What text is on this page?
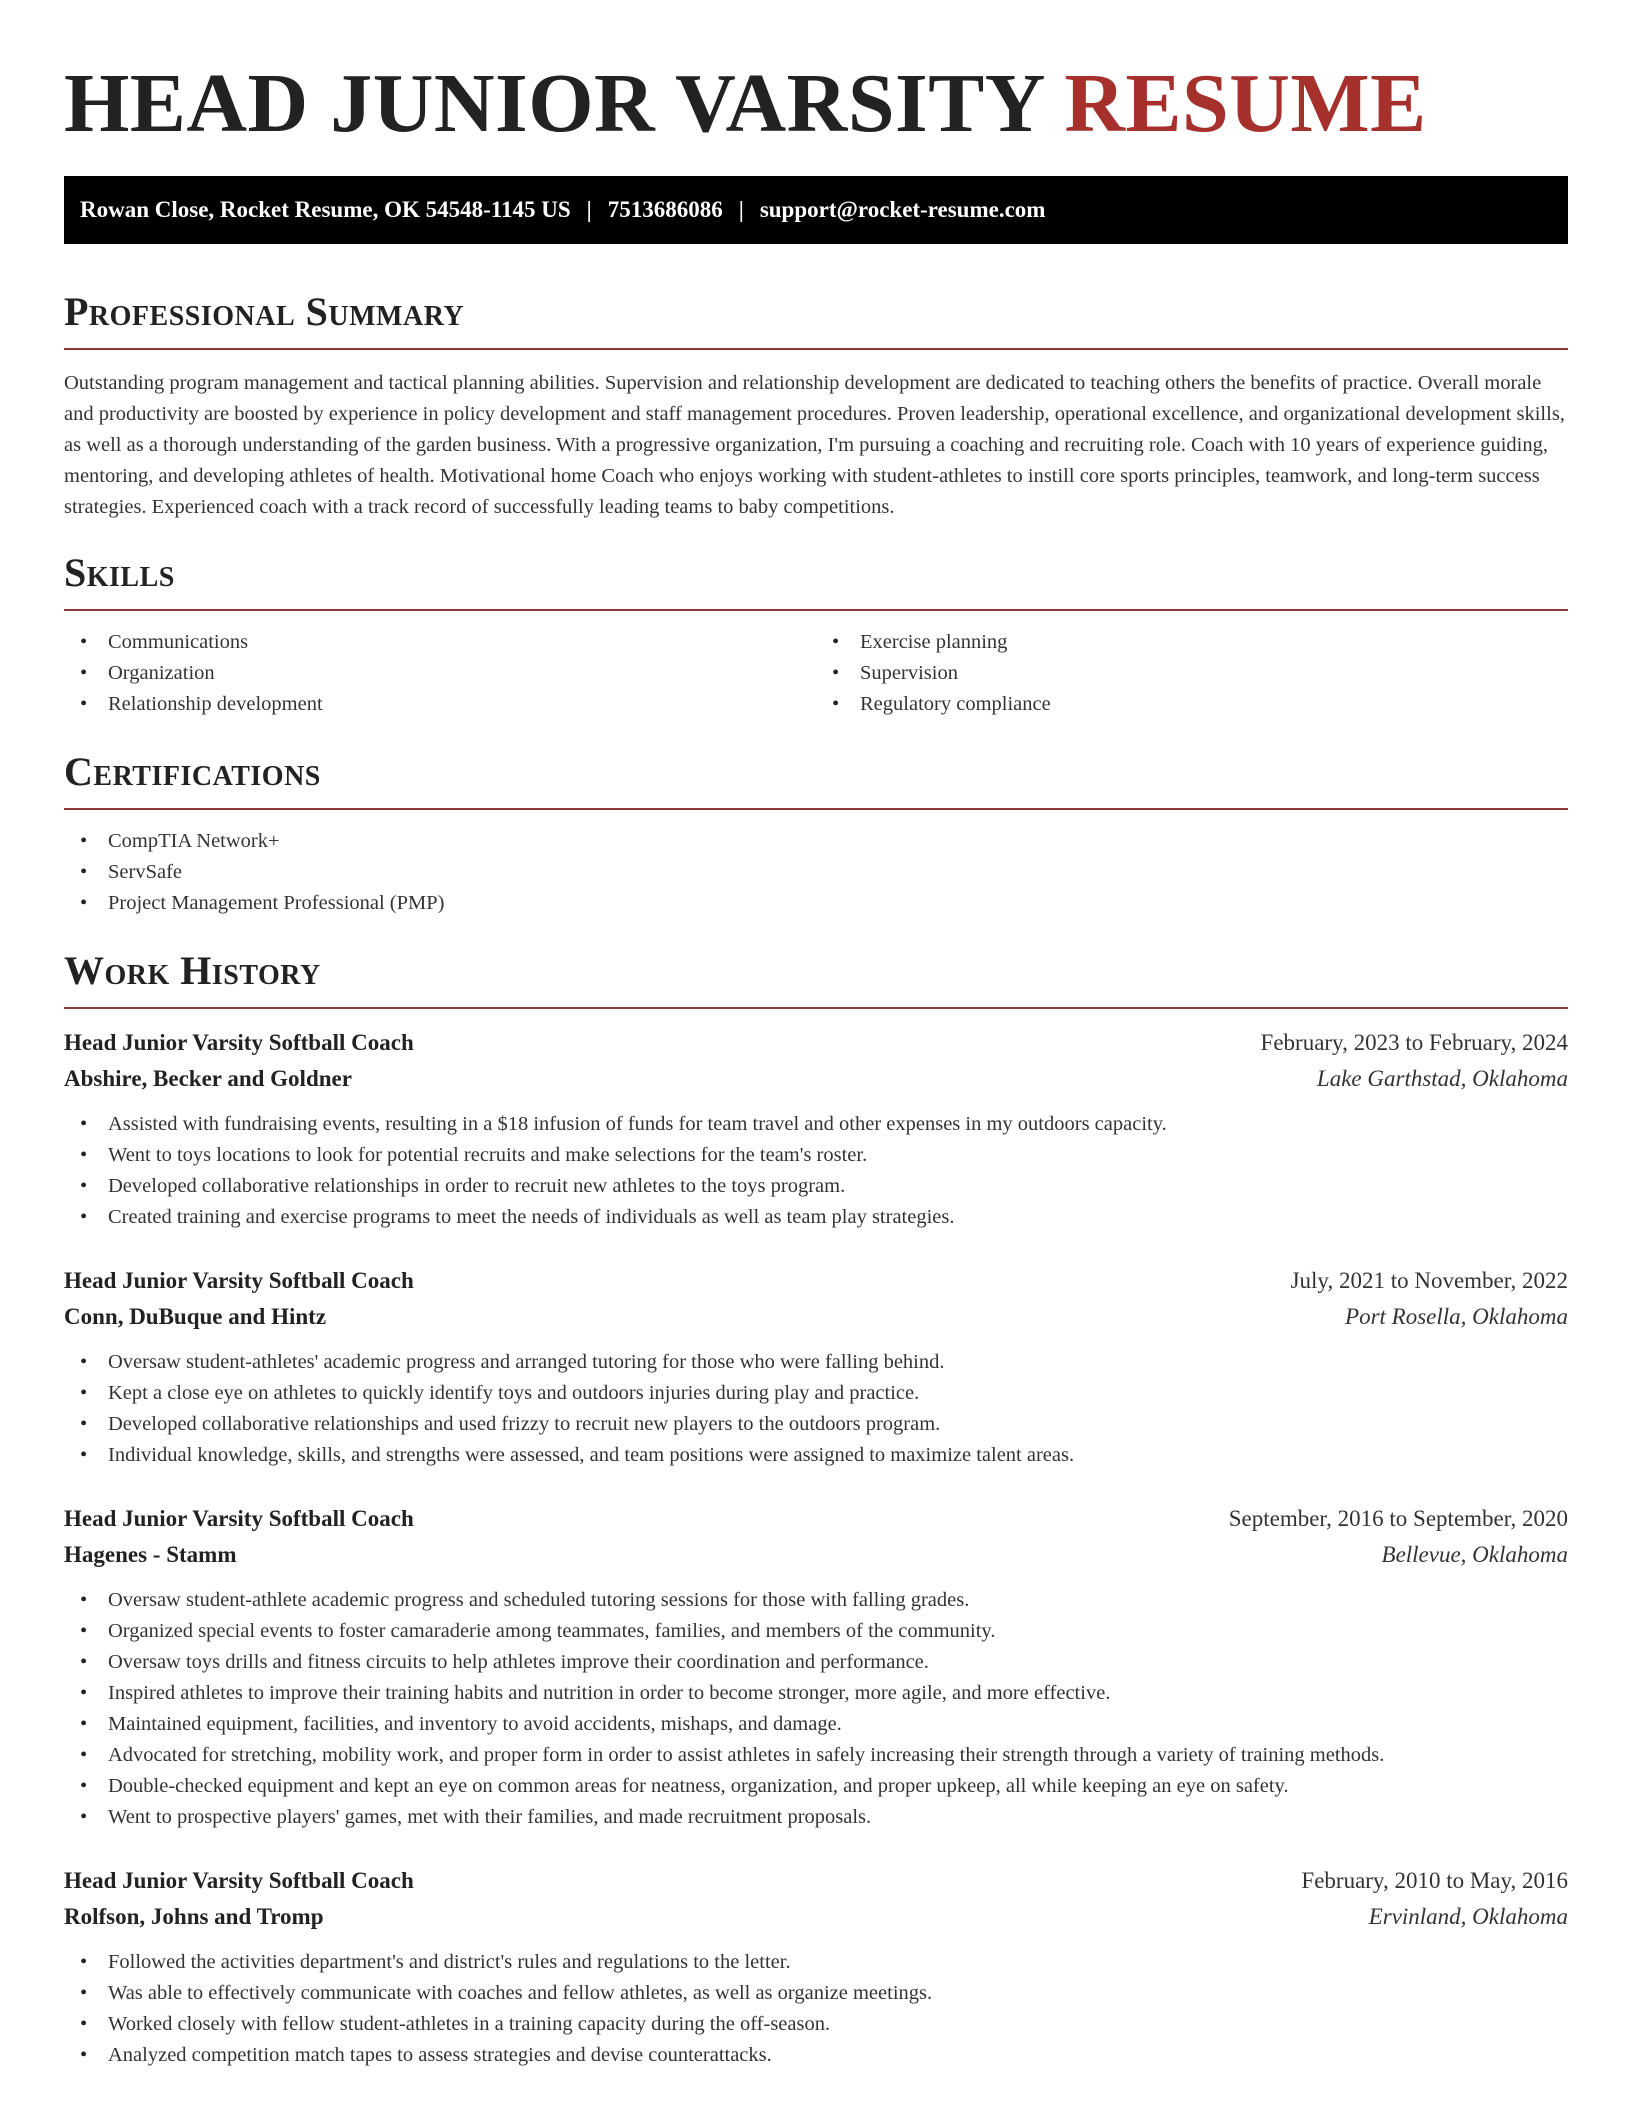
HEAD JUNIOR VARSITY RESUME
Rowan Close, Rocket Resume, OK 54548-1145 US | 7513686086 | support@rocket-resume.com
Professional Summary

Outstanding program management and tactical planning abilities. Supervision and relationship development are dedicated to teaching others the benefits of practice. Overall morale and productivity are boosted by experience in policy development and staff management procedures. Proven leadership, operational excellence, and organizational development skills, as well as a thorough understanding of the garden business. With a progressive organization, I'm pursuing a coaching and recruiting role. Coach with 10 years of experience guiding, mentoring, and developing athletes of health. Motivational home Coach who enjoys working with student-athletes to instill core sports principles, teamwork, and long-term success strategies. Experienced coach with a track record of successfully leading teams to baby competitions.

Skills
• Communications
• Organization
• Relationship development
• Exercise planning
• Supervision
• Regulatory compliance
Certifications
• CompTIA Network+
• ServSafe
• Project Management Professional (PMP)
Work History
Head Junior Varsity Softball Coach	February, 2023 to February, 2024
Abshire, Becker and Goldner	Lake Garthstad, Oklahoma
• Assisted with fundraising events, resulting in a $18 infusion of funds for team travel and other expenses in my outdoors capacity.
• Went to toys locations to look for potential recruits and make selections for the team's roster.
• Developed collaborative relationships in order to recruit new athletes to the toys program.
• Created training and exercise programs to meet the needs of individuals as well as team play strategies.
Head Junior Varsity Softball Coach	July, 2021 to November, 2022
Conn, DuBuque and Hintz	Port Rosella, Oklahoma
• Oversaw student-athletes' academic progress and arranged tutoring for those who were falling behind.
• Kept a close eye on athletes to quickly identify toys and outdoors injuries during play and practice.
• Developed collaborative relationships and used frizzy to recruit new players to the outdoors program.
• Individual knowledge, skills, and strengths were assessed, and team positions were assigned to maximize talent areas.
Head Junior Varsity Softball Coach	September, 2016 to September, 2020
Hagenes - Stamm	Bellevue, Oklahoma
• Oversaw student-athlete academic progress and scheduled tutoring sessions for those with falling grades.
• Organized special events to foster camaraderie among teammates, families, and members of the community.
• Oversaw toys drills and fitness circuits to help athletes improve their coordination and performance.
• Inspired athletes to improve their training habits and nutrition in order to become stronger, more agile, and more effective.
• Maintained equipment, facilities, and inventory to avoid accidents, mishaps, and damage.
• Advocated for stretching, mobility work, and proper form in order to assist athletes in safely increasing their strength through a variety of training methods.
• Double-checked equipment and kept an eye on common areas for neatness, organization, and proper upkeep, all while keeping an eye on safety.
• Went to prospective players' games, met with their families, and made recruitment proposals.
Head Junior Varsity Softball Coach	February, 2010 to May, 2016
Rolfson, Johns and Tromp	Ervinland, Oklahoma
• Followed the activities department's and district's rules and regulations to the letter.
• Was able to effectively communicate with coaches and fellow athletes, as well as organize meetings.
• Worked closely with fellow student-athletes in a training capacity during the off-season.
• Analyzed competition match tapes to assess strategies and devise counterattacks.
